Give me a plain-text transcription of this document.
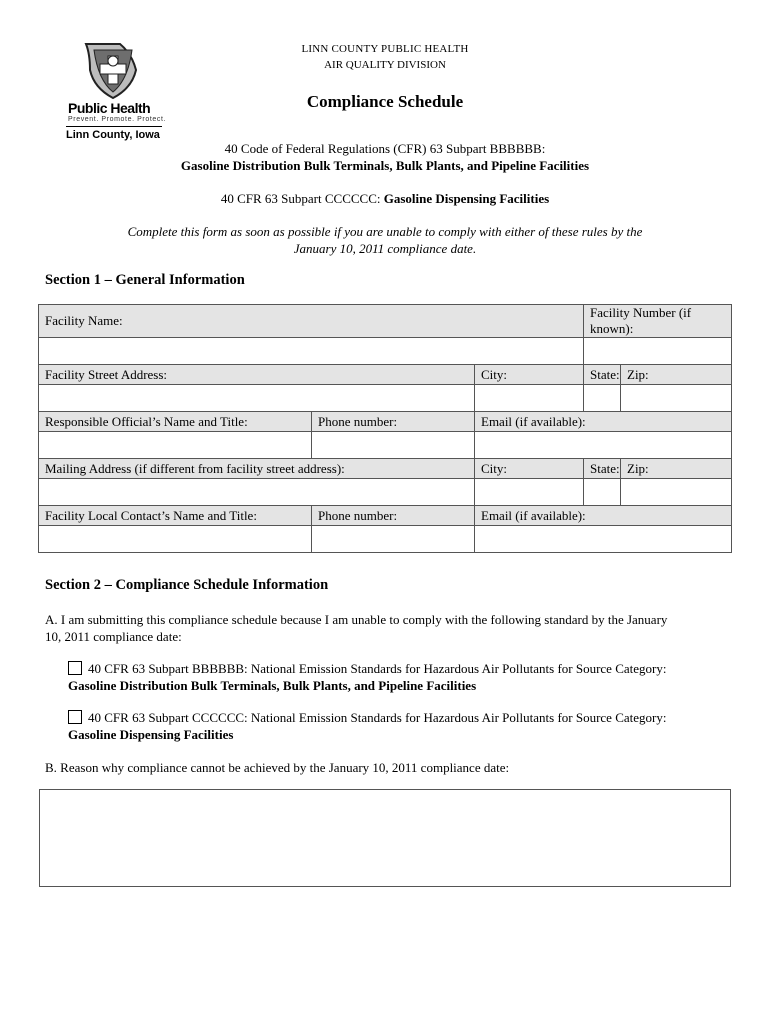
Public Health
Prevent. Promote. Protect.
Linn County, Iowa
LINN COUNTY PUBLIC HEALTH
AIR QUALITY DIVISION
Compliance Schedule
40 Code of Federal Regulations (CFR) 63 Subpart BBBBBB:
Gasoline Distribution Bulk Terminals, Bulk Plants, and Pipeline Facilities
40 CFR 63 Subpart CCCCCC: Gasoline Dispensing Facilities
Complete this form as soon as possible if you are unable to comply with either of these rules by the
January 10, 2011 compliance date.
Section 1 – General Information
Facility Name:			Facility Number (if known):	

Facility Street Address:		City:	State:	Zip:

Responsible Official’s Name and Title:	Phone number:	Email (if available):		

Mailing Address (if different from facility street address):		City:	State:	Zip:

Facility Local Contact’s Name and Title:	Phone number:	Email (if available):		

Section 2 – Compliance Schedule Information
A. I am submitting this compliance schedule because I am unable to comply with the following standard by the January
10, 2011 compliance date:
40 CFR 63 Subpart BBBBBB: National Emission Standards for Hazardous Air Pollutants for Source Category:
Gasoline Distribution Bulk Terminals, Bulk Plants, and Pipeline Facilities
40 CFR 63 Subpart CCCCCC: National Emission Standards for Hazardous Air Pollutants for Source Category:
Gasoline Dispensing Facilities
B. Reason why compliance cannot be achieved by the January 10, 2011 compliance date:
